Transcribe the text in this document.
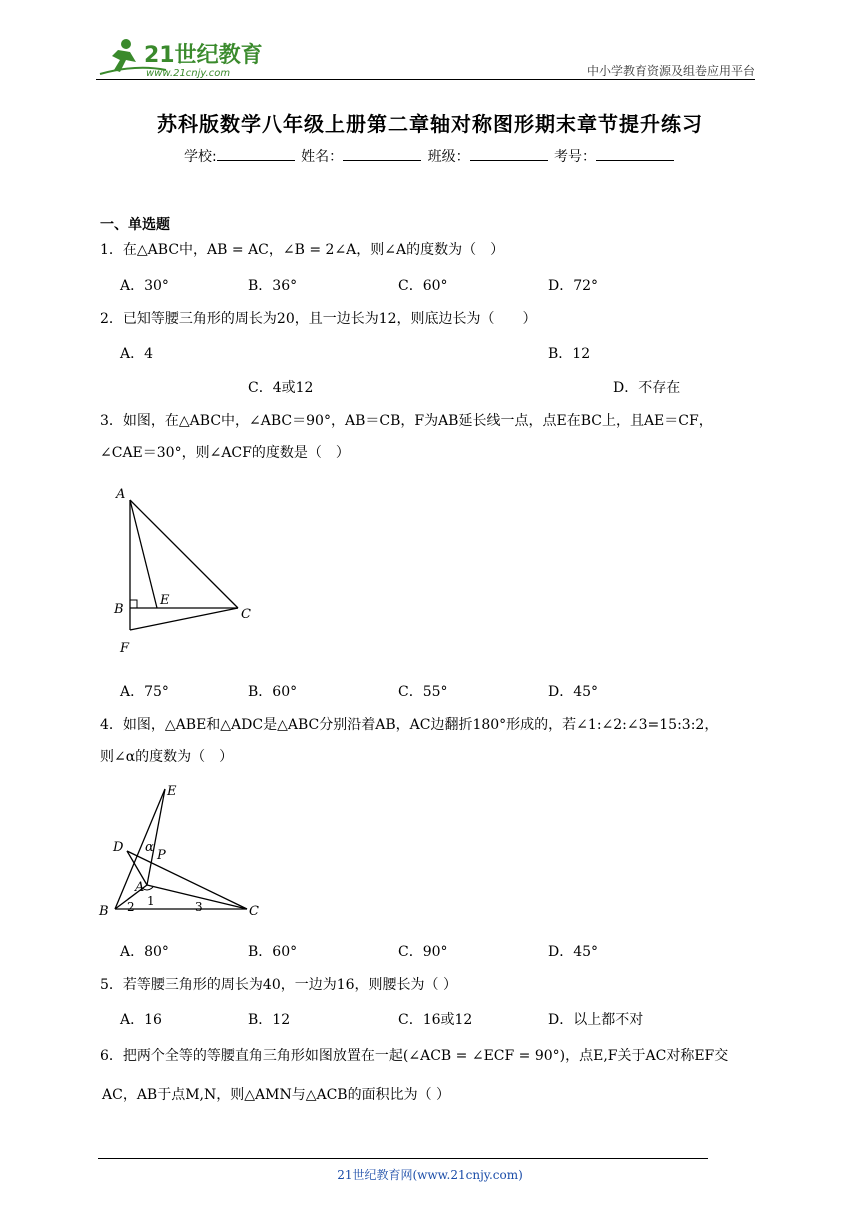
21世纪教育
www.21cnjy.com	中小学教育资源及组卷应用平台
苏科版数学八年级上册第二章轴对称图形期末章节提升练习
学校:	姓名：	班级：	考号：
一、单选题
1．在△ABC中，AB = AC，∠B = 2∠A，则∠A的度数为（　）
A．30°	B．36°	C．60°	D．72°
2．已知等腰三角形的周长为20，且一边长为12，则底边长为（　　）
A．4	B．12
C．4或12	D．不存在
3．如图，在△ABC中，∠ABC＝90°，AB＝CB，F为AB延长线一点，点E在BC上，且AE＝CF，
∠CAE＝30°，则∠ACF的度数是（　）
A
B
E
C
F
A．75°	B．60°	C．55°	D．45°
4．如图，△ABE和△ADC是△ABC分别沿着AB，AC边翻折180°形成的，若∠1:∠2:∠3=15:3:2，
则∠α的度数为（　）
E
D α
P
A
1
B 2	3	C
A．80°	B．60°	C．90°	D．45°
5．若等腰三角形的周长为40，一边为16，则腰长为（ ）
A．16	B．12	C．16或12	D．以上都不对
6．把两个全等的等腰直角三角形如图放置在一起(∠ACB = ∠ECF = 90°)，点E,F关于AC对称EF交
AC，AB于点M,N，则△AMN与△ACB的面积比为（ ）
21世纪教育网(www.21cnjy.com)
